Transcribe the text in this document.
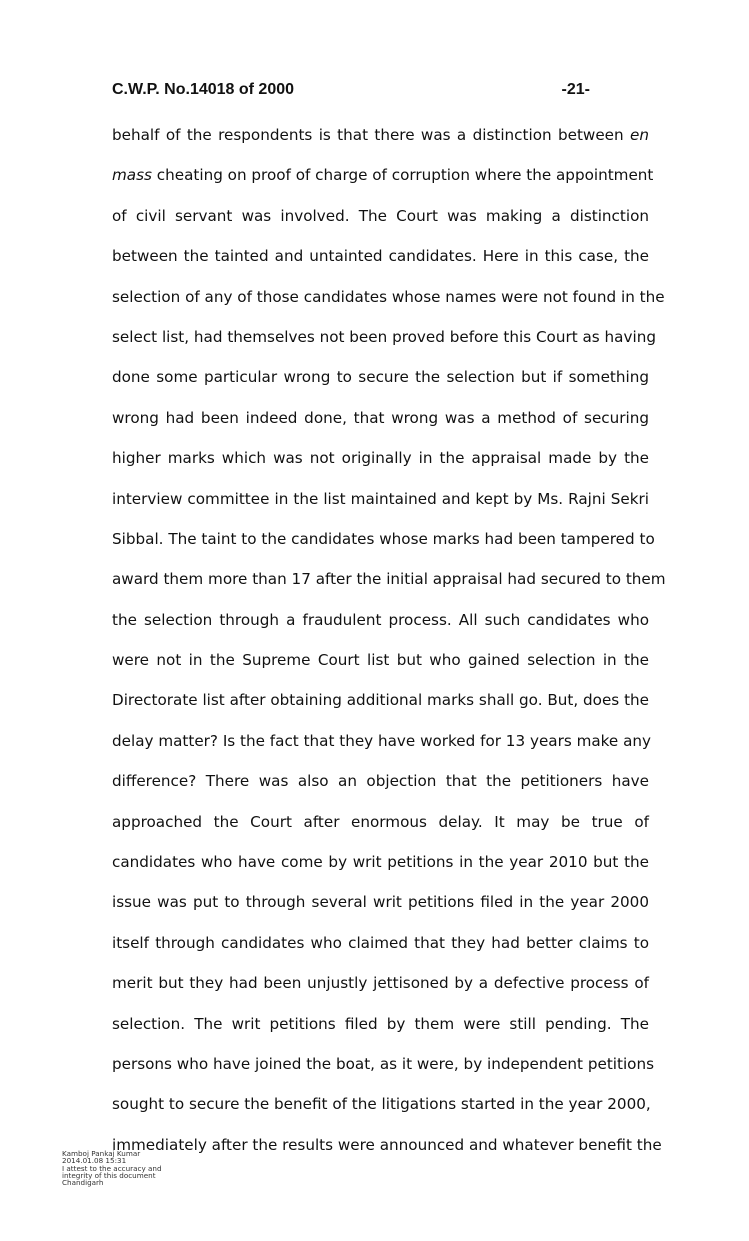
C.W.P. No.14018 of 2000	-21-
behalf of the respondents is that there was a distinction between en
mass cheating on proof of charge of corruption where the appointment
of civil servant was involved. The Court was making a distinction
between the tainted and untainted candidates. Here in this case, the
selection of any of those candidates whose names were not found in the
select list, had themselves not been proved before this Court as having
done some particular wrong to secure the selection but if something
wrong had been indeed done, that wrong was a method of securing
higher marks which was not originally in the appraisal made by the
interview committee in the list maintained and kept by Ms. Rajni Sekri
Sibbal. The taint to the candidates whose marks had been tampered to
award them more than 17 after the initial appraisal had secured to them
the selection through a fraudulent process. All such candidates who
were not in the Supreme Court list but who gained selection in the
Directorate list after obtaining additional marks shall go. But, does the
delay matter? Is the fact that they have worked for 13 years make any
difference? There was also an objection that the petitioners have
approached the Court after enormous delay. It may be true of
candidates who have come by writ petitions in the year 2010 but the
issue was put to through several writ petitions filed in the year 2000
itself through candidates who claimed that they had better claims to
merit but they had been unjustly jettisoned by a defective process of
selection. The writ petitions filed by them were still pending. The
persons who have joined the boat, as it were, by independent petitions
sought to secure the benefit of the litigations started in the year 2000,
immediately after the results were announced and whatever benefit the
Kamboj Pankaj Kumar
2014.01.08 15:31
I attest to the accuracy and
integrity of this document
Chandigarh
